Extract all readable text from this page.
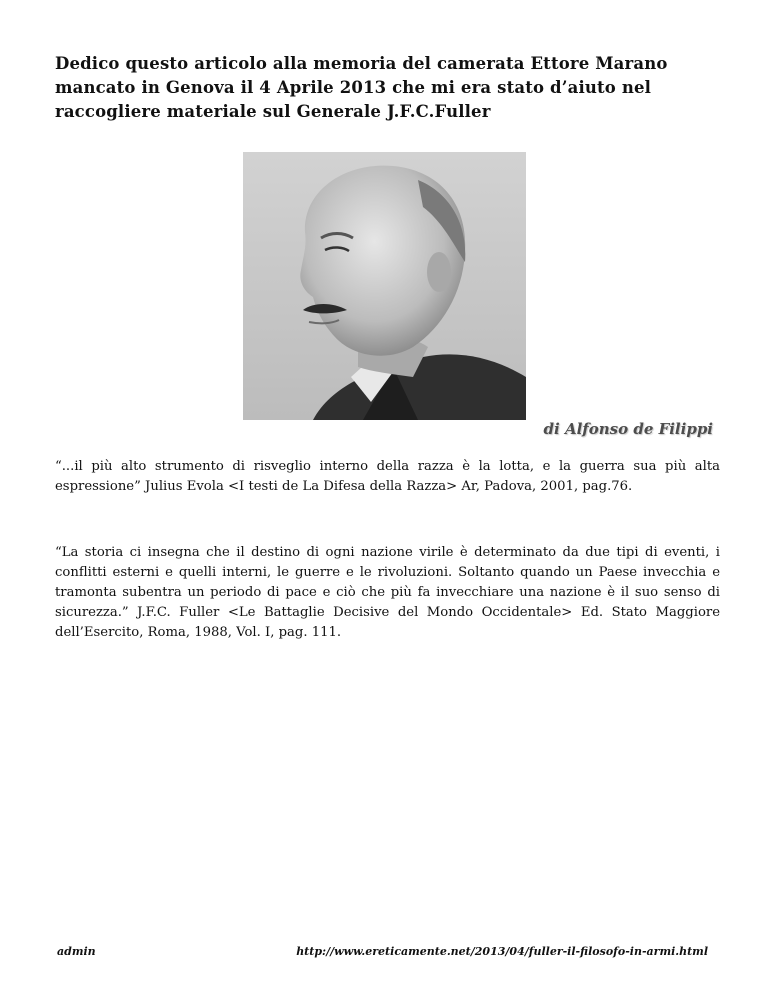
Dedico questo articolo alla memoria del camerata Ettore Marano
mancato in Genova il 4 Aprile 2013 che mi era stato d’aiuto nel
raccogliere materiale sul Generale J.F.C.Fuller
di Alfonso de Filippi

“...il più alto strumento di risveglio interno della razza è la lotta, e la guerra sua più alta espressione” Julius Evola <I testi de La Difesa della Razza> Ar, Padova, 2001, pag.76.

“La storia ci insegna che il destino di ogni nazione virile è determinato da due tipi di eventi, i conflitti esterni e quelli interni, le guerre e le rivoluzioni. Soltanto quando un Paese invecchia e tramonta subentra un periodo di pace e ciò che più fa invecchiare una nazione è il suo senso di sicurezza.” J.F.C. Fuller <Le Battaglie Decisive del Mondo Occidentale> Ed. Stato Maggiore dell’Esercito, Roma, 1988, Vol. I, pag. 111.

admin	http://www.ereticamente.net/2013/04/fuller-il-filosofo-in-armi.html
